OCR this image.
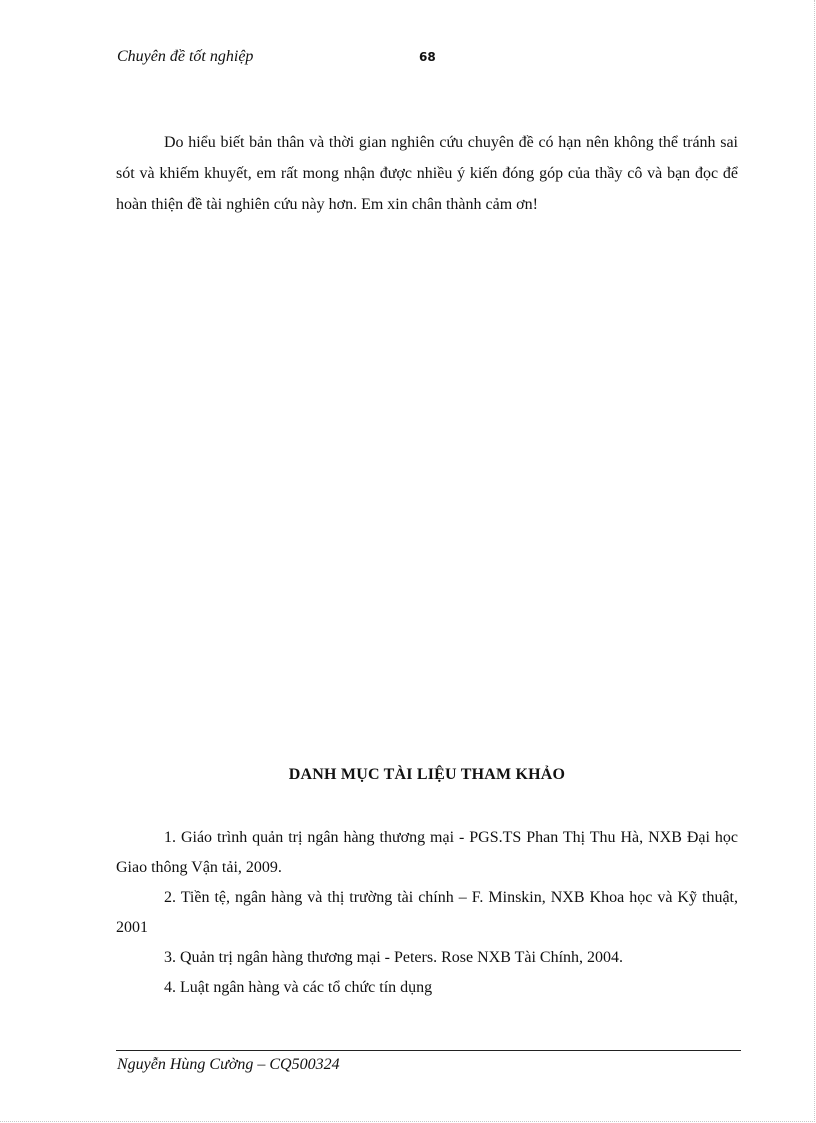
Chuyên đề tốt nghiệp	68

Do hiểu biết bản thân và thời gian nghiên cứu chuyên đề có hạn nên không thể tránh sai sót và khiếm khuyết, em rất mong nhận được nhiều ý kiến đóng góp của thầy cô và bạn đọc để hoàn thiện đề tài nghiên cứu này hơn. Em xin chân thành cảm ơn!

DANH MỤC TÀI LIỆU THAM KHẢO
1. Giáo trình quản trị ngân hàng thương mại - PGS.TS Phan Thị Thu Hà, NXB Đại học Giao thông Vận tải, 2009.
2. Tiền tệ, ngân hàng và thị trường tài chính – F. Minskin, NXB Khoa học và Kỹ thuật, 2001
3. Quản trị ngân hàng thương mại - Peters. Rose NXB Tài Chính, 2004.
4. Luật ngân hàng và các tổ chức tín dụng
Nguyễn Hùng Cường – CQ500324
